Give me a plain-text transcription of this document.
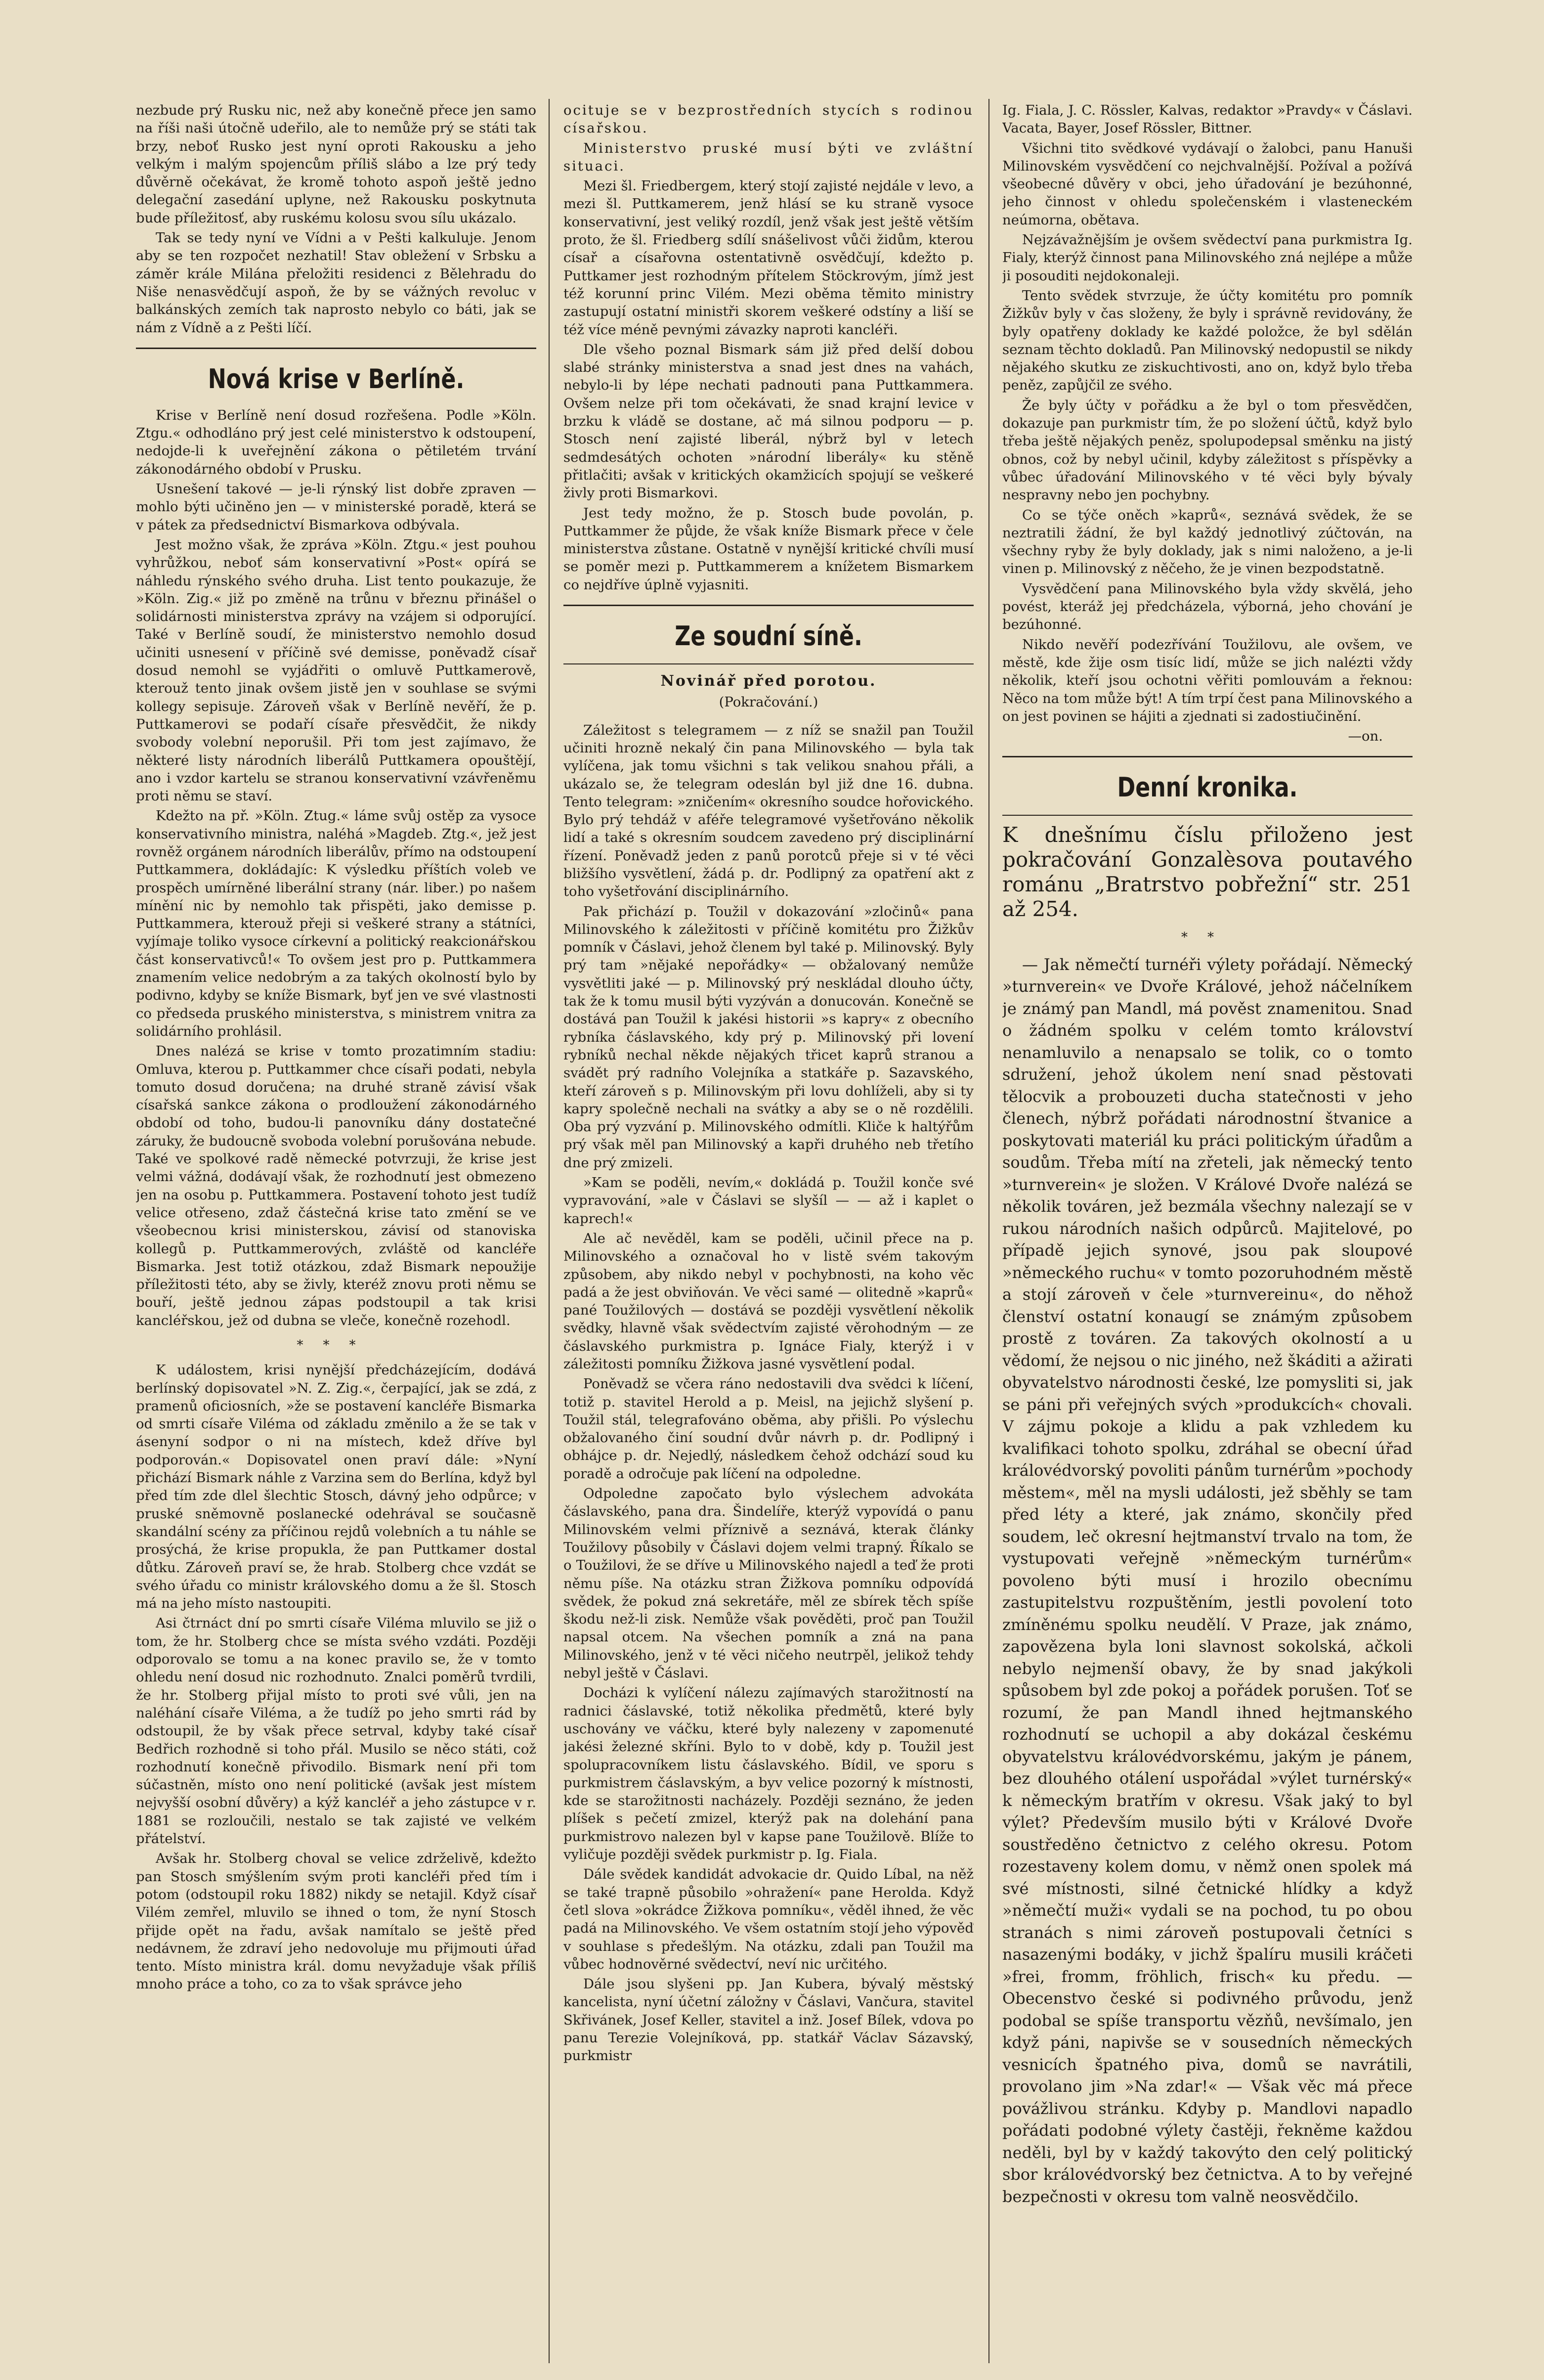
nezbude prý Rusku nic, než aby konečně přece jen samo na říši naši útočně udeřilo, ale to nemůže prý se státi tak brzy, neboť Rusko jest nyní oproti Rakousku a jeho velkým i malým spojencům příliš slábo a lze prý tedy důvěrně očekávat, že kromě tohoto aspoň ještě jedno delegační zasedání uplyne, než Rakousku poskytnuta bude příležitosť, aby ruskému kolosu svou sílu ukázalo.

Tak se tedy nyní ve Vídni a v Pešti kalkuluje. Jenom aby se ten rozpočet nezhatil! Stav obležení v Srbsku a záměr krále Milána přeložiti residenci z Bělehradu do Niše nenasvědčují aspoň, že by se vážných revoluc v balkánských zemích tak naprosto nebylo co báti, jak se nám z Vídně a z Pešti líčí.

Nová krise v Berlíně.

Krise v Berlíně není dosud rozřešena. Podle »Köln. Ztgu.« odhodláno prý jest celé ministerstvo k odstoupení, nedojde-li k uveřejnění zákona o pětiletém trvání zákonodárného období v Prusku.

Usnešení takové — je-li rýnský list dobře zpraven — mohlo býti učiněno jen — v ministerské poradě, která se v pátek za předsednictví Bismarkova odbývala.

Jest možno však, že zpráva »Köln. Ztgu.« jest pouhou vyhrůžkou, neboť sám konservativní »Post« opírá se náhledu rýnského svého druha. List tento poukazuje, že »Köln. Zig.« již po změně na trůnu v březnu přinášel o solidárnosti ministerstva zprávy na vzájem si odporující. Také v Berlíně soudí, že ministerstvo nemohlo dosud učiniti usnesení v příčině své demisse, poněvadž císař dosud nemohl se vyjádřiti o omluvě Puttkamerově, kterouž tento jinak ovšem jistě jen v souhlase se svými kollegy sepisuje. Zároveň však v Berlíně nevěří, že p. Puttkamerovi se podaří císaře přesvědčit, že nikdy svobody volební neporušil. Při tom jest zajímavo, že některé listy národních liberálů Puttkamera opouštějí, ano i vzdor kartelu se stranou konservativní vzávřeněmu proti němu se staví.

Kdežto na př. »Köln. Ztug.« láme svůj ostěp za vysoce konservativního ministra, naléhá »Magdeb. Ztg.«, jež jest rovněž orgánem národních liberálův, přímo na odstoupení Puttkammera, dokládajíc: K výsledku příštích voleb ve prospěch umírněné liberální strany (nár. liber.) po našem mínění nic by nemohlo tak přispěti, jako demisse p. Puttkammera, kterouž přeji si veškeré strany a státníci, vyjímaje toliko vysoce církevní a politický reakcionářskou část konservativců!« To ovšem jest pro p. Puttkammera znamením velice nedobrým a za takých okolností bylo by podivno, kdyby se kníže Bismark, byť jen ve své vlastnosti co předseda pruského ministerstva, s ministrem vnitra za solidárního prohlásil.

Dnes nalézá se krise v tomto prozatimním stadiu: Omluva, kterou p. Puttkammer chce císaři podati, nebyla tomuto dosud doručena; na druhé straně závisí však císařská sankce zákona o prodloužení zákonodárného období od toho, budou-li panovníku dány dostatečné záruky, že budoucně svoboda volební porušována nebude. Také ve spolkové radě německé potvrzuji, že krise jest velmi vážná, dodávají však, že rozhodnutí jest obmezeno jen na osobu p. Puttkammera. Postavení tohoto jest tudíž velice otřeseno, zdaž částečná krise tato změní se ve všeobecnou krisi ministerskou, závisí od stanoviska kollegů p. Puttkammerových, zvláště od kancléře Bismarka. Jest totiž otázkou, zdaž Bismark nepoužije příležitosti této, aby se živly, kteréž znovu proti němu se bouří, ještě jednou zápas podstoupil a tak krisi kancléřskou, jež od dubna se vleče, konečně rozehodl.

***

K událostem, krisi nynější předcházejícím, dodává berlínský dopisovatel »N. Z. Zig.«, čerpající, jak se zdá, z pramenů oficiosních, »že se postavení kancléře Bismarka od smrti císaře Viléma od základu změnilo a že se tak v ásenyní sodpor o ni na místech, kdež dříve byl podporován.« Dopisovatel onen praví dále: »Nyní přichází Bismark náhle z Varzina sem do Berlína, když byl před tím zde dlel šlechtic Stosch, dávný jeho odpůrce; v pruské sněmovně poslanecké odehrával se současně skandální scény za příčinou rejdů volebních a tu náhle se prosýchá, že krise propukla, že pan Puttkamer dostal důtku. Zároveň praví se, že hrab. Stolberg chce vzdát se svého úřadu co ministr královského domu a že šl. Stosch má na jeho místo nastoupiti.

Asi čtrnáct dní po smrti císaře Viléma mluvilo se již o tom, že hr. Stolberg chce se místa svého vzdáti. Později odporovalo se tomu a na konec pravilo se, že v tomto ohledu není dosud nic rozhodnuto. Znalci poměrů tvrdili, že hr. Stolberg přijal místo to proti své vůli, jen na naléhání císaře Viléma, a že tudíž po jeho smrti rád by odstoupil, že by však přece setrval, kdyby také císař Bedřich rozhodně si toho přál. Musilo se něco státi, což rozhodnutí konečně přivodilo. Bismark není při tom súčastněn, místo ono není politické (avšak jest místem nejvyšší osobní důvěry) a kýž kancléř a jeho zástupce v r. 1881 se rozloučili, nestalo se tak zajisté ve velkém přátelství.

Avšak hr. Stolberg choval se velice zdrželivě, kdežto pan Stosch smýšlením svým proti kancléři před tím i potom (odstoupil roku 1882) nikdy se netajil. Když císař Vilém zemřel, mluvilo se ihned o tom, že nyní Stosch přijde opět na řadu, avšak namítalo se ještě před nedávnem, že zdraví jeho nedovoluje mu přijmouti úřad tento. Místo ministra král. domu nevyžaduje však příliš mnoho práce a toho, co za to však správce jeho

ocituje se v bezprostředních stycích s rodinou císařskou.

Ministerstvo pruské musí býti ve zvláštní situaci.

Mezi šl. Friedbergem, který stojí zajisté nejdále v levo, a mezi šl. Puttkamerem, jenž hlásí se ku straně vysoce konservativní, jest veliký rozdíl, jenž však jest ještě větším proto, že šl. Friedberg sdílí snášelivost vůči židům, kterou císař a císařovna ostentativně osvědčují, kdežto p. Puttkamer jest rozhodným přítelem Stöckrovým, jímž jest též korunní princ Vilém. Mezi oběma těmito ministry zastupují ostatní ministři skorem veškeré odstíny a liší se též více méně pevnými závazky naproti kancléři.

Dle všeho poznal Bismark sám již před delší dobou slabé stránky ministerstva a snad jest dnes na vahách, nebylo-li by lépe nechati padnouti pana Puttkammera. Ovšem nelze při tom očekávati, že snad krajní levice v brzku k vládě se dostane, ač má silnou podporu — p. Stosch není zajisté liberál, nýbrž byl v letech sedmdesátých ochoten »národní liberály« ku stěně přitlačiti; avšak v kritických okamžicích spojují se veškeré živly proti Bismarkovi.

Jest tedy možno, že p. Stosch bude povolán, p. Puttkammer že půjde, že však kníže Bismark přece v čele ministerstva zůstane. Ostatně v nynější kritické chvíli musí se poměr mezi p. Puttkammerem a knížetem Bismarkem co nejdříve úplně vyjasniti.

Ze soudní síně.
Novinář před porotou.

(Pokračování.)

Záležitost s telegramem — z níž se snažil pan Toužil učiniti hrozně nekalý čin pana Milinovského — byla tak vylíčena, jak tomu všichni s tak velikou snahou přáli, a ukázalo se, že telegram odeslán byl již dne 16. dubna. Tento telegram: »zničením« okresního soudce hořovického. Bylo prý tehdáž v aféře telegramové vyšetřováno několik lidí a také s okresním soudcem zavedeno prý disciplinární řízení. Poněvadž jeden z panů porotců přeje si v té věci bližšího vysvětlení, žádá p. dr. Podlipný za opatření akt z toho vyšetřování disciplinárního.

Pak přichází p. Toužil v dokazování »zločinů« pana Milinovského k záležitosti v příčině komitétu pro Žižkův pomník v Čáslavi, jehož členem byl také p. Milinovský. Byly prý tam »nějaké nepořádky« — obžalovaný nemůže vysvětliti jaké — p. Milinovský prý neskládal dlouho účty, tak že k tomu musil býti vyzýván a donucován. Konečně se dostává pan Toužil k jakési historii »s kapry« z obecního rybníka čáslavského, kdy prý p. Milinovský při lovení rybníků nechal někde nějakých třicet kaprů stranou a svádět prý radního Volejníka a statkáře p. Sazavského, kteří zároveň s p. Milinovským při lovu dohlíželi, aby si ty kapry společně nechali na svátky a aby se o ně rozdělili. Oba prý vyzvání p. Milinovského odmítli. Kliče k haltýřům prý však měl pan Milinovský a kapři druhého neb třetího dne prý zmizeli.

»Kam se poděli, nevím,« dokládá p. Toužil konče své vypravování, »ale v Čáslavi se slyšíl — — až i kaplet o kaprech!«

Ale ač nevěděl, kam se poděli, učinil přece na p. Milinovského a označoval ho v listě svém takovým způsobem, aby nikdo nebyl v pochybnosti, na koho věc padá a že jest obviňován. Ve věci samé — olitedně »kaprů« pané Toužilových — dostává se později vysvětlení několik svědky, hlavně však svědectvím zajisté věrohodným — ze čáslavského purkmistra p. Ignáce Fialy, kterýž i v záležitosti pomníku Žižkova jasné vysvětlení podal.

Poněvadž se včera ráno nedostavili dva svědci k líčení, totiž p. stavitel Herold a p. Meisl, na jejichž slyšení p. Toužil stál, telegrafováno oběma, aby přišli. Po výslechu obžalovaného činí soudní dvůr návrh p. dr. Podlipný i obhájce p. dr. Nejedlý, následkem čehož odchází soud ku poradě a odročuje pak líčení na odpoledne.

Odpoledne započato bylo výslechem advokáta čáslavského, pana dra. Šindelíře, kterýž vypovídá o panu Milinovském velmi příznivě a seznává, kterak články Toužilovy působily v Čáslavi dojem velmi trapný. Říkalo se o Toužilovi, že se dříve u Milinovského najedl a teď že proti němu píše. Na otázku stran Žižkova pomníku odpovídá svědek, že pokud zná sekretáře, měl ze sbírek těch spíše škodu než-li zisk. Nemůže však pověděti, proč pan Toužil napsal otcem. Na všechen pomník a zná na pana Milinovského, jenž v té věci ničeho neutrpěl, jelikož tehdy nebyl ještě v Čáslavi.

Docházi k vylíčení nálezu zajímavých starožitností na radnici čáslavské, totiž několika předmětů, které byly uschovány ve váčku, které byly nalezeny v zapomenuté jakési železné skříni. Bylo to v době, kdy p. Toužil jest spolupracovníkem listu čáslavského. Bídil, ve sporu s purkmistrem čáslavským, a byv velice pozorný k místnosti, kde se starožitnosti nacházely. Později seznáno, že jeden plíšek s pečetí zmizel, kterýž pak na dolehání pana purkmistrovo nalezen byl v kapse pane Toužilově. Blíže to vyličuje později svědek purkmistr p. Ig. Fiala.

Dále svědek kandidát advokacie dr. Quido Líbal, na něž se také trapně působilo »ohražení« pane Herolda. Když četl slova »okrádce Žižkova pomníku«, věděl ihned, že věc padá na Milinovského. Ve všem ostatním stojí jeho výpověď v souhlase s předešlým. Na otázku, zdali pan Toužil ma vůbec hodnověrné svědectví, neví nic určitého.

Dále jsou slyšeni pp. Jan Kubera, bývalý městský kancelista, nyní účetní záložny v Čáslavi, Vančura, stavitel Skřivánek, Josef Keller, stavitel a inž. Josef Bílek, vdova po panu Terezie Volejníková, pp. statkář Václav Sázavský, purkmistr

Ig. Fiala, J. C. Rössler, Kalvas, redaktor »Pravdy« v Čáslavi. Vacata, Bayer, Josef Rössler, Bittner.

Všichni tito svědkové vydávají o žalobci, panu Hanuši Milinovském vysvědčení co nejchvalnější. Požíval a požívá všeobecné důvěry v obci, jeho úřadování je bezúhonné, jeho činnost v ohledu společenském i vlasteneckém neúmorna, obětava.

Nejzávažnějším je ovšem svědectví pana purkmistra Ig. Fialy, kterýž činnost pana Milinovského zná nejlépe a může ji posouditi nejdokonaleji.

Tento svědek stvrzuje, že účty komitétu pro pomník Žižkův byly v čas složeny, že byly i správně revidovány, že byly opatřeny doklady ke každé položce, že byl sdělán seznam těchto dokladů. Pan Milinovský nedopustil se nikdy nějakého skutku ze ziskuchtivosti, ano on, když bylo třeba peněz, zapůjčil ze svého.

Že byly účty v pořádku a že byl o tom přesvědčen, dokazuje pan purkmistr tím, že po složení účtů, když bylo třeba ještě nějakých peněz, spolupodepsal směnku na jistý obnos, což by nebyl učinil, kdyby záležitost s příspěvky a vůbec úřadování Milinovského v té věci byly bývaly nespravny nebo jen pochybny.

Co se týče oněch »kaprů«, seznává svědek, že se neztratili žádní, že byl každý jednotlivý zúčtován, na všechny ryby že byly doklady, jak s nimi naloženo, a je-li vinen p. Milinovský z něčeho, že je vinen bezpodstatně.

Vysvědčení pana Milinovského byla vždy skvělá, jeho povést, kteráž jej předcházela, výborná, jeho chování je bezúhonné.

Nikdo nevěří podezřívání Toužilovu, ale ovšem, ve městě, kde žije osm tisíc lidí, může se jich nalézti vždy několik, kteří jsou ochotni věřiti pomlouvám a řeknou: Něco na tom může být! A tím trpí čest pana Milinovského a on jest povinen se hájiti a zjednati si zadostiučinění.

—on.

Denní kronika.

K dnešnímu číslu přiloženo jest pokračování Gonzalèsova poutavého románu „Bratrstvo pobřežní“ str. 251 až 254.

**

— Jak němečtí turnéři výlety pořádají. Německý »turnverein« ve Dvoře Králové, jehož náčelníkem je známý pan Mandl, má pověst znamenitou. Snad o žádném spolku v celém tomto království nenamluvilo a nenapsalo se tolik, co o tomto sdružení, jehož úkolem není snad pěstovati tělocvik a probouzeti ducha statečnosti v jeho členech, nýbrž pořádati národnostní štvanice a poskytovati materiál ku práci politickým úřadům a soudům. Třeba mítí na zřeteli, jak německý tento »turnverein« je složen. V Králové Dvoře nalézá se několik továren, jež bezmála všechny nalezají se v rukou národních našich odpůrců. Majitelové, po případě jejich synové, jsou pak sloupové »německého ruchu« v tomto pozoruhodném městě a stojí zároveň v čele »turnvereinu«, do něhož členství ostatní konaugí se známým způsobem prostě z továren. Za takových okolností a u vědomí, že nejsou o nic jiného, než škáditi a ažirati obyvatelstvo národnosti české, lze pomysliti si, jak se páni při veřejných svých »produkcích« chovali. V zájmu pokoje a klidu a pak vzhledem ku kvalifikaci tohoto spolku, zdráhal se obecní úřad královédvorský povoliti pánům turnérům »pochody městem«, měl na mysli události, jež sběhly se tam před léty a které, jak známo, skončily před soudem, leč okresní hejtmanství trvalo na tom, že vystupovati veřejně »německým turnérům« povoleno býti musí i hrozilo obecnímu zastupitelstvu rozpuštěním, jestli povolení toto zmíněnému spolku neudělí. V Praze, jak známo, zapovězena byla loni slavnost sokolská, ačkoli nebylo nejmenší obavy, že by snad jakýkoli spůsobem byl zde pokoj a pořádek porušen. Toť se rozumí, že pan Mandl ihned hejtmanského rozhodnutí se uchopil a aby dokázal českému obyvatelstvu královédvorskému, jakým je pánem, bez dlouhého otálení uspořádal »výlet turnérský« k německým bratřím v okresu. Však jaký to byl výlet? Především musilo býti v Králové Dvoře soustředěno četnictvo z celého okresu. Potom rozestaveny kolem domu, v němž onen spolek má své místnosti, silné četnické hlídky a když »němečtí muži« vydali se na pochod, tu po obou stranách s nimi zároveň postupovali četníci s nasazenými bodáky, v jichž špalíru musili kráčeti »frei, fromm, fröhlich, frisch« ku předu. — Obecenstvo české si podivného průvodu, jenž podobal se spíše transportu vězňů, nevšímalo, jen když páni, napivše se v sousedních německých vesnicích špatného piva, domů se navrátili, provolano jim »Na zdar!« — Však věc má přece povážlivou stránku. Kdyby p. Mandlovi napadlo pořádati podobné výlety častěji, řekněme každou neděli, byl by v každý takovýto den celý politický sbor královédvorský bez četnictva. A to by veřejné bezpečnosti v okresu tom valně neosvědčilo.
